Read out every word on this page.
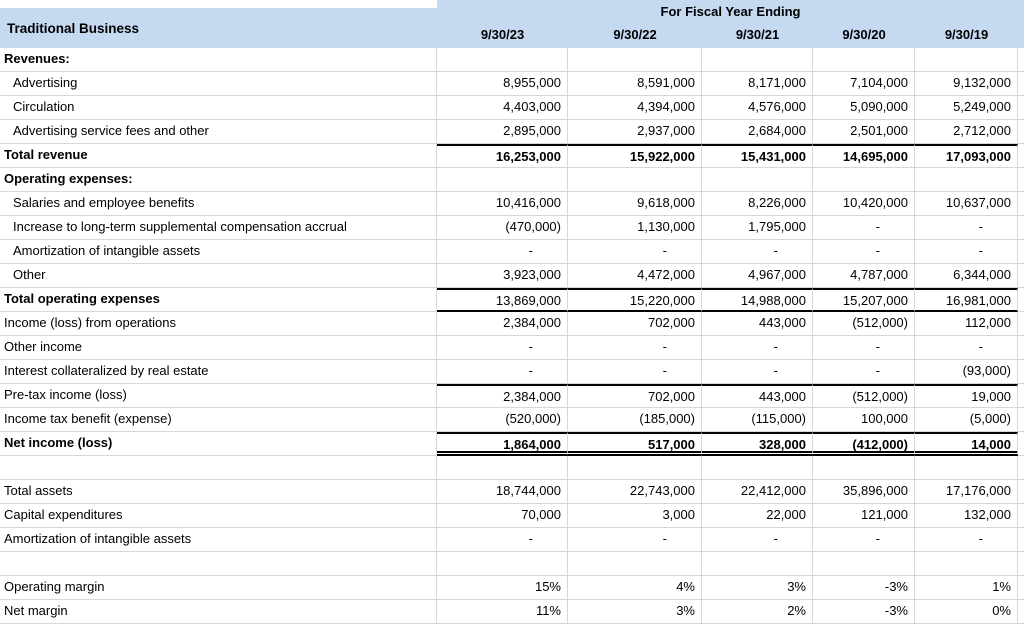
Traditional Business
For Fiscal Year Ending
9/30/23	9/30/22	9/30/21	9/30/20	9/30/19
Revenues:
Advertising	8,955,000	8,591,000	8,171,000	7,104,000	9,132,000
Circulation	4,403,000	4,394,000	4,576,000	5,090,000	5,249,000
Advertising service fees and other	2,895,000	2,937,000	2,684,000	2,501,000	2,712,000
Total revenue	16,253,000	15,922,000	15,431,000	14,695,000	17,093,000
Operating expenses:
Salaries and employee benefits	10,416,000	9,618,000	8,226,000	10,420,000	10,637,000
Increase to long-term supplemental compensation accrual	(470,000)	1,130,000	1,795,000	-	-
Amortization of intangible assets	-	-	-	-	-
Other	3,923,000	4,472,000	4,967,000	4,787,000	6,344,000
Total operating expenses	13,869,000	15,220,000	14,988,000	15,207,000	16,981,000
Income (loss) from operations	2,384,000	702,000	443,000	(512,000)	112,000
Other income	-	-	-	-	-
Interest collateralized by real estate	-	-	-	-	(93,000)
Pre-tax income (loss)	2,384,000	702,000	443,000	(512,000)	19,000
Income tax benefit (expense)	(520,000)	(185,000)	(115,000)	100,000	(5,000)
Net income (loss)	1,864,000	517,000	328,000	(412,000)	14,000
Total assets	18,744,000	22,743,000	22,412,000	35,896,000	17,176,000
Capital expenditures	70,000	3,000	22,000	121,000	132,000
Amortization of intangible assets	-	-	-	-	-
Operating margin	15%	4%	3%	-3%	1%
Net margin	11%	3%	2%	-3%	0%
